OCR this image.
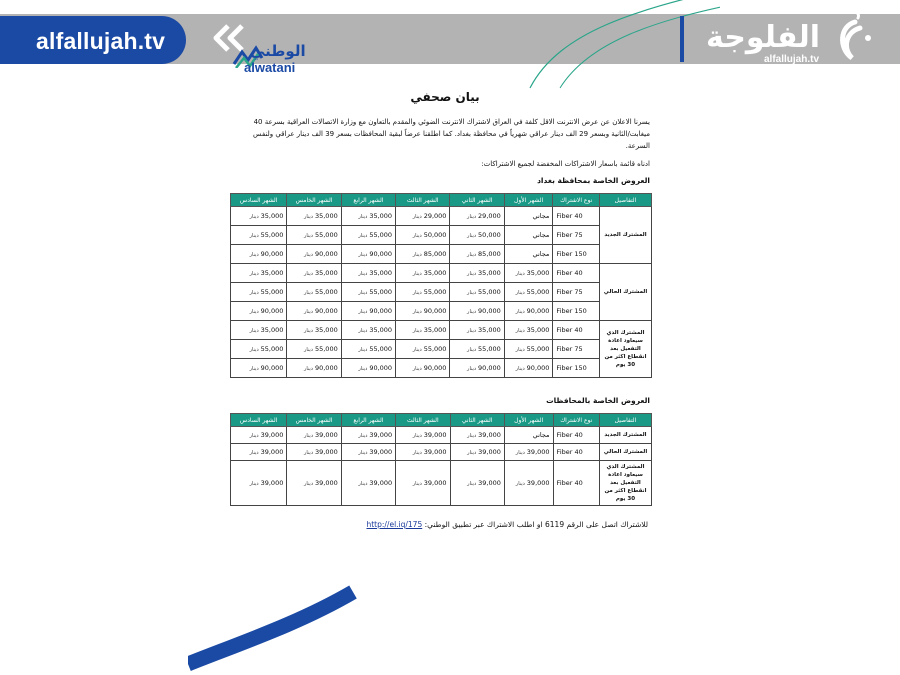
alfallujah.tv	الوطني
alwatani
الفلوجة
alfallujah.tv
بيان صحفي

يسرنا الاعلان عن عرض الانترنت الاقل كلفة في العراق لاشتراك الانترنت الضوئي والمقدم بالتعاون مع وزارة الاتصالات العراقية بسرعة 40 ميغابت/الثانية وبسعر 29 الف دينار عراقي شهرياً في محافظة بغداد. كما اطلقنا عرضاً لبقية المحافظات بسعر 39 الف دينار عراقي ولنفس السرعة.

ادناه قائمة باسعار الاشتراكات المخفضة لجميع الاشتراكات:

العروض الخاصة بمحافظة بغداد
التفاصيل	نوع الاشتراك	الشهر الأول	الشهر الثاني	الشهر الثالث	الشهر الرابع	الشهر الخامس	الشهر السادس
المشترك الجديد	Fiber 40	مجاني	29,000 دينار	29,000 دينار	35,000 دينار	35,000 دينار	35,000 دينار
	Fiber 75	مجاني	50,000 دينار	50,000 دينار	55,000 دينار	55,000 دينار	55,000 دينار
	Fiber 150	مجاني	85,000 دينار	85,000 دينار	90,000 دينار	90,000 دينار	90,000 دينار
المشترك الحالي	Fiber 40	35,000 دينار	35,000 دينار	35,000 دينار	35,000 دينار	35,000 دينار	35,000 دينار
	Fiber 75	55,000 دينار	55,000 دينار	55,000 دينار	55,000 دينار	55,000 دينار	55,000 دينار
	Fiber 150	90,000 دينار	90,000 دينار	90,000 دينار	90,000 دينار	90,000 دينار	90,000 دينار
المشترك الذي سيعاود اعادة التفعيل بعد انقطاع اكثر من 30 يوم	Fiber 40	35,000 دينار	35,000 دينار	35,000 دينار	35,000 دينار	35,000 دينار	35,000 دينار
	Fiber 75	55,000 دينار	55,000 دينار	55,000 دينار	55,000 دينار	55,000 دينار	55,000 دينار
	Fiber 150	90,000 دينار	90,000 دينار	90,000 دينار	90,000 دينار	90,000 دينار	90,000 دينار
العروض الخاصة بالمحافظات
التفاصيل	نوع الاشتراك	الشهر الأول	الشهر الثاني	الشهر الثالث	الشهر الرابع	الشهر الخامس	الشهر السادس
المشترك الجديد	Fiber 40	مجاني	39,000 دينار	39,000 دينار	39,000 دينار	39,000 دينار	39,000 دينار
المشترك الحالي	Fiber 40	39,000 دينار	39,000 دينار	39,000 دينار	39,000 دينار	39,000 دينار	39,000 دينار
المشترك الذي سيعاود اعادة التفعيل بعد انقطاع اكثر من 30 يوم	Fiber 40	39,000 دينار	39,000 دينار	39,000 دينار	39,000 دينار	39,000 دينار	39,000 دينار
للاشتراك اتصل على الرقم 6119 او اطلب الاشتراك عبر تطبيق الوطني: http://el.iq/175
